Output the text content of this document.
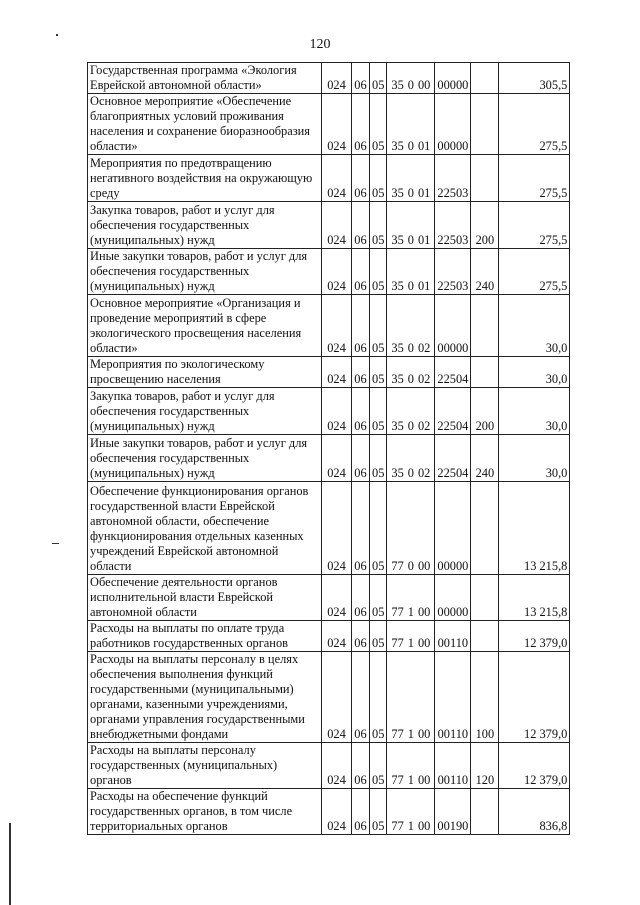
120
Государственная программа «Экология Еврейской автономной области»	024	06	05	35 0 00	00000		305,5

Основное мероприятие «Обеспечение благоприятных условий проживания населения и сохранение биоразнообразия области»	024	06	05	35 0 01	00000		275,5

Мероприятия по предотвращению негативного воздействия на окружающую среду	024	06	05	35 0 01	22503		275,5

Закупка товаров, работ и услуг для обеспечения государственных (муниципальных) нужд	024	06	05	35 0 01	22503	200	275,5

Иные закупки товаров, работ и услуг для обеспечения государственных (муниципальных) нужд	024	06	05	35 0 01	22503	240	275,5

Основное мероприятие «Организация и проведение мероприятий в сфере экологического просвещения населения области»	024	06	05	35 0 02	00000		30,0

Мероприятия по экологическому просвещению населения	024	06	05	35 0 02	22504		30,0

Закупка товаров, работ и услуг для обеспечения государственных (муниципальных) нужд	024	06	05	35 0 02	22504	200	30,0

Иные закупки товаров, работ и услуг для обеспечения государственных (муниципальных) нужд	024	06	05	35 0 02	22504	240	30,0

Обеспечение функционирования органов государственной власти Еврейской автономной области, обеспечение функционирования отдельных казенных учреждений Еврейской автономной области	024	06	05	77 0 00	00000		13 215,8

Обеспечение деятельности органов исполнительной власти Еврейской автономной области	024	06	05	77 1 00	00000		13 215,8

Расходы на выплаты по оплате труда работников государственных органов	024	06	05	77 1 00	00110		12 379,0

Расходы на выплаты персоналу в целях обеспечения выполнения функций государственными (муниципальными) органами, казенными учреждениями, органами управления государственными внебюджетными фондами	024	06	05	77 1 00	00110	100	12 379,0

Расходы на выплаты персоналу государственных (муниципальных) органов	024	06	05	77 1 00	00110	120	12 379,0

Расходы на обеспечение функций государственных органов, в том числе территориальных органов	024	06	05	77 1 00	00190		836,8
